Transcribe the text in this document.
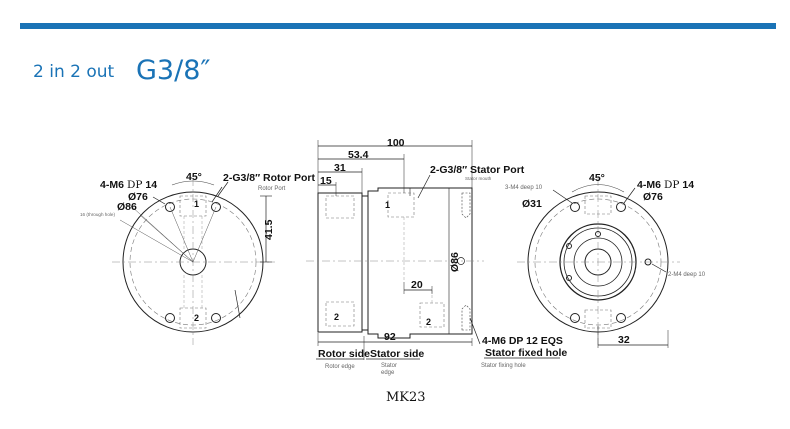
2 in 2 out G3/8″
45° 2-G3/8″ Rotor Port
Rotor Port
4-M6 DP 14
Ø76
Ø86
16 (through hole)
41.5
1
2
100
53.4
31
15
2-G3/8″ Stator Port
Stator mouth
Ø86
20
92
1
2	2
4-M6 DP 12 EQS
Stator fixed hole
Stator fixing hole
Rotor side
Rotor edge
Stator side
Stator
edge
45°
3-M4 deep 10	4-M6 DP 14
Ø31
Ø76
2-M4 deep 10
32
MK23
